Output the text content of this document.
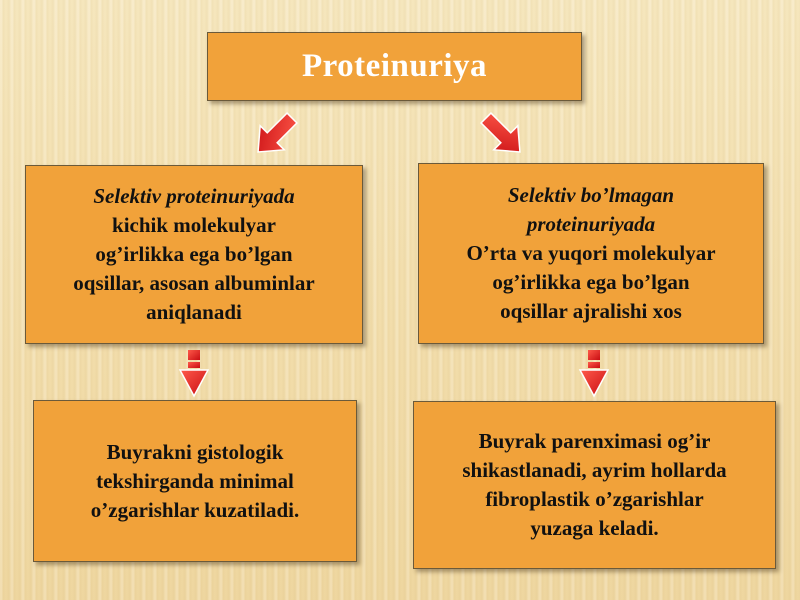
Proteinuriya
Selektiv proteinuriyada
kichik molekulyar
og’irlikka ega bo’lgan
oqsillar, asosan albuminlar
aniqlanadi
Selektiv bo’lmagan
proteinuriyada
O’rta va yuqori molekulyar
og’irlikka ega bo’lgan
oqsillar ajralishi xos
Buyrakni gistologik
tekshirganda minimal
o’zgarishlar kuzatiladi.
Buyrak parenximasi og’ir
shikastlanadi, ayrim hollarda
fibroplastik o’zgarishlar
yuzaga keladi.
